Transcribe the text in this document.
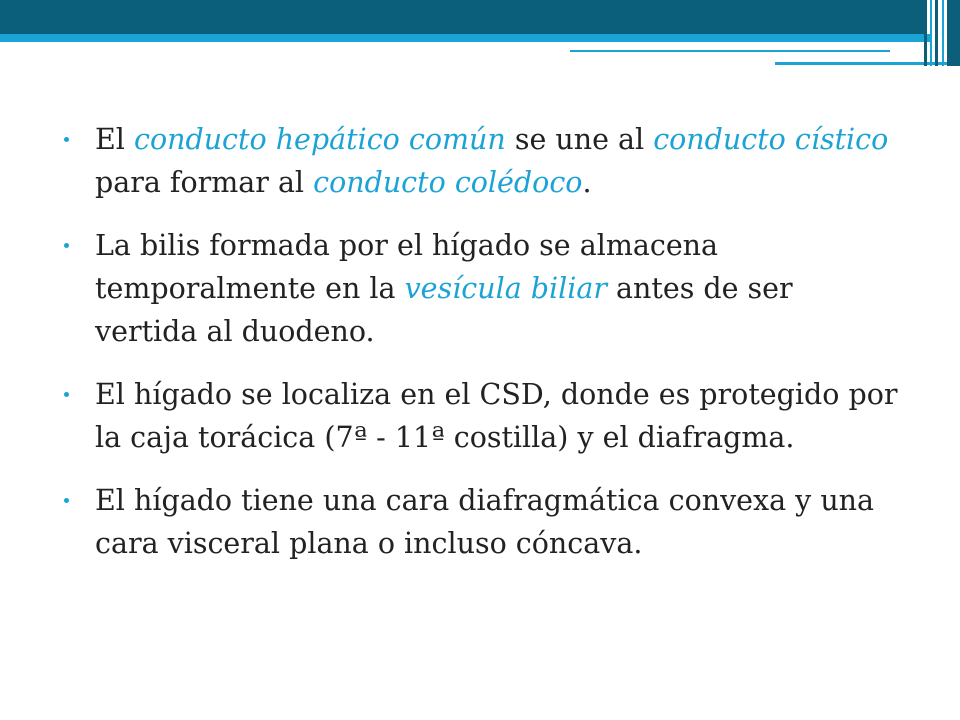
El conducto hepático común se une al conducto cístico para formar al conducto colédoco.

La bilis formada por el hígado se almacena temporalmente en la vesícula biliar antes de ser vertida al duodeno.

El hígado se localiza en el CSD, donde es protegido por la caja torácica (7ª - 11ª costilla) y el diafragma.

El hígado tiene una cara diafragmática convexa y una cara visceral plana o incluso cóncava.
